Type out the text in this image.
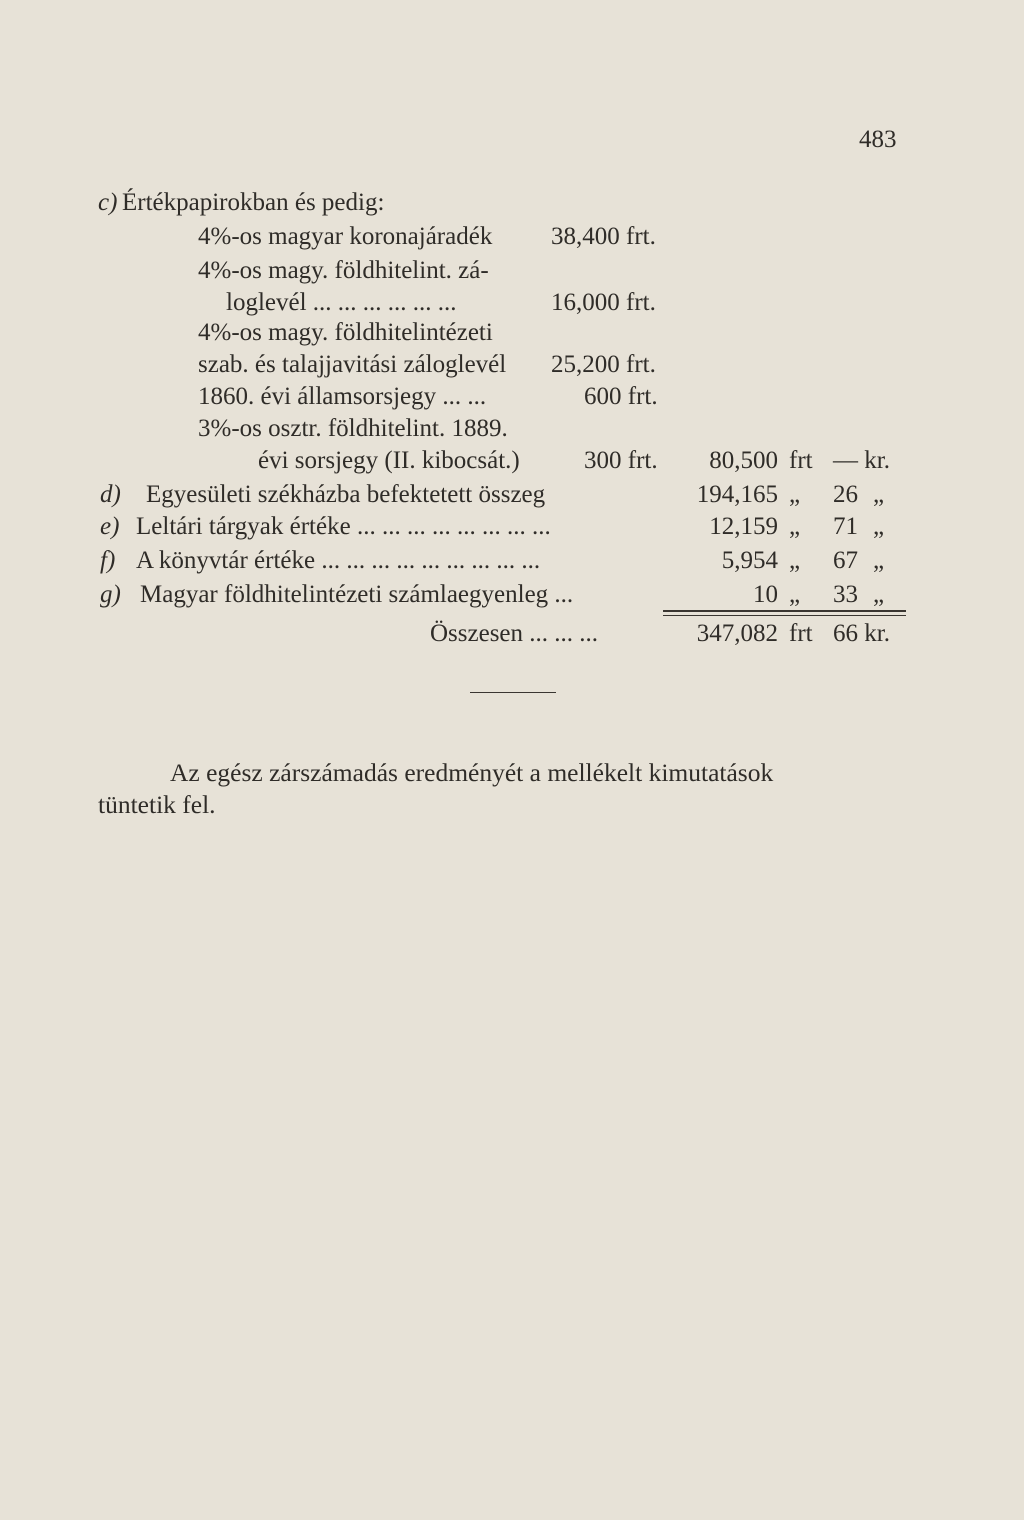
483
c) Értékpapirokban és pedig:
4%-os magyar koronajáradék 38,400 frt.
4%-os magy. földhitelint. zá-
loglevél ... ... ... ... ... ...	16,000 frt.
4%-os magy. földhitelintézeti
szab. és talajjavitási záloglevél 25,200 frt.
1860. évi államsorsjegy ... ...	600 frt.
3%-os osztr. földhitelint. 1889.
évi sorsjegy (II. kibocsát.)	300 frt.	80,500 frt — kr.
d) Egyesületi székházba befektetett összeg	194,165 „	26 „
e) Leltári tárgyak értéke ... ... ... ... ... ... ... ...	12,159 „	71 „
f) A könyvtár értéke ... ... ... ... ... ... ... ... ...	5,954 „	67 „
g) Magyar földhitelintézeti számlaegyenleg ...	10 „	33 „
Összesen ... ... ...	347,082 frt 66 kr.
Az egész zárszámadás eredményét a mellékelt kimutatások
tüntetik fel.
